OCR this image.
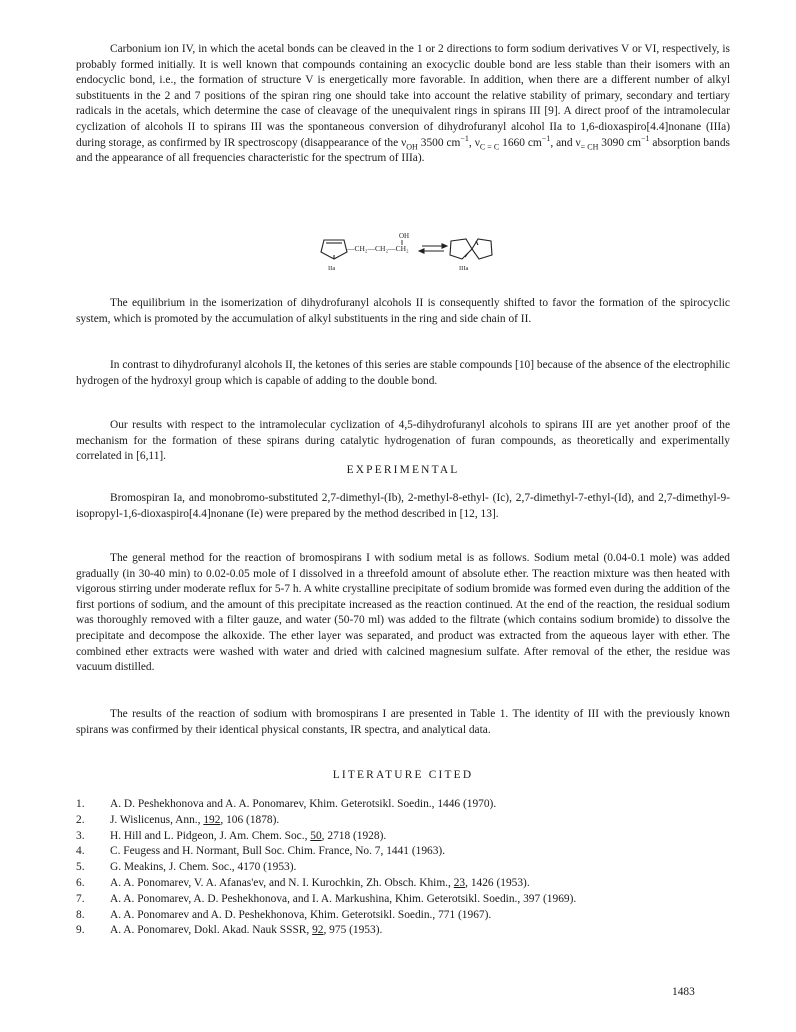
Carbonium ion IV, in which the acetal bonds can be cleaved in the 1 or 2 directions to form sodium derivatives V or VI, respectively, is probably formed initially. It is well known that compounds containing an exocyclic double bond are less stable than their isomers with an endocyclic bond, i.e., the formation of structure V is energetically more favorable. In addition, when there are a different number of alkyl substituents in the 2 and 7 positions of the spiran ring one should take into account the relative stability of primary, secondary and tertiary radicals in the acetals, which determine the case of cleavage of the unequivalent rings in spirans III [9]. A direct proof of the intramolecular cyclization of alcohols II to spirans III was the spontaneous conversion of dihydrofuranyl alcohol IIa to 1,6-dioxaspiro[4.4]nonane (IIIa) during storage, as confirmed by IR spectroscopy (disappearance of the $\nu_{OH}$ 3500 $cm^{-1}$, $\nu_{C = C}$ 1660 $cm^{-1}$, and $\nu_{= CH}$ 3090 $cm^{-1}$ absorption bands and the appearance of all frequencies characteristic for the spectrum of IIIa).

—CH₂—CH₂—CH₂
OH
IIa	IIIa

The equilibrium in the isomerization of dihydrofuranyl alcohols II is consequently shifted to favor the formation of the spirocyclic system, which is promoted by the accumulation of alkyl substituents in the ring and side chain of II.

In contrast to dihydrofuranyl alcohols II, the ketones of this series are stable compounds [10] because of the absence of the electrophilic hydrogen of the hydroxyl group which is capable of adding to the double bond.

Our results with respect to the intramolecular cyclization of 4,5-dihydrofuranyl alcohols to spirans III are yet another proof of the mechanism for the formation of these spirans during catalytic hydrogenation of furan compounds, as theoretically and experimentally correlated in [6,11].

EXPERIMENTAL

Bromospiran Ia, and monobromo-substituted 2,7-dimethyl-(Ib), 2-methyl-8-ethyl- (Ic), 2,7-dimethyl-7-ethyl-(Id), and 2,7-dimethyl-9-isopropyl-1,6-dioxaspiro[4.4]nonane (Ie) were prepared by the method described in [12, 13].

The general method for the reaction of bromospirans I with sodium metal is as follows. Sodium metal (0.04-0.1 mole) was added gradually (in 30-40 min) to 0.02-0.05 mole of I dissolved in a threefold amount of absolute ether. The reaction mixture was then heated with vigorous stirring under moderate reflux for 5-7 h. A white crystalline precipitate of sodium bromide was formed even during the addition of the first portions of sodium, and the amount of this precipitate increased as the reaction continued. At the end of the reaction, the residual sodium was thoroughly removed with a filter gauze, and water (50-70 ml) was added to the filtrate (which contains sodium bromide) to dissolve the precipitate and decompose the alkoxide. The ether layer was separated, and product was extracted from the aqueous layer with ether. The combined ether extracts were washed with water and dried with calcined magnesium sulfate. After removal of the ether, the residue was vacuum distilled.

The results of the reaction of sodium with bromospirans I are presented in Table 1. The identity of III with the previously known spirans was confirmed by their identical physical constants, IR spectra, and analytical data.

LITERATURE CITED
1. A. D. Peshekhonova and A. A. Ponomarev, Khim. Geterotsikl. Soedin., 1446 (1970).
2. J. Wislicenus, Ann., 192, 106 (1878).
3. H. Hill and L. Pidgeon, J. Am. Chem. Soc., 50, 2718 (1928).
4. C. Feugess and H. Normant, Bull Soc. Chim. France, No. 7, 1441 (1963).
5. G. Meakins, J. Chem. Soc., 4170 (1953).
6. A. A. Ponomarev, V. A. Afanas'ev, and N. I. Kurochkin, Zh. Obsch. Khim., 23, 1426 (1953).
7. A. A. Ponomarev, A. D. Peshekhonova, and I. A. Markushina, Khim. Geterotsikl. Soedin., 397 (1969).
8. A. A. Ponomarev and A. D. Peshekhonova, Khim. Geterotsikl. Soedin., 771 (1967).
9. A. A. Ponomarev, Dokl. Akad. Nauk SSSR, 92, 975 (1953).
1483
